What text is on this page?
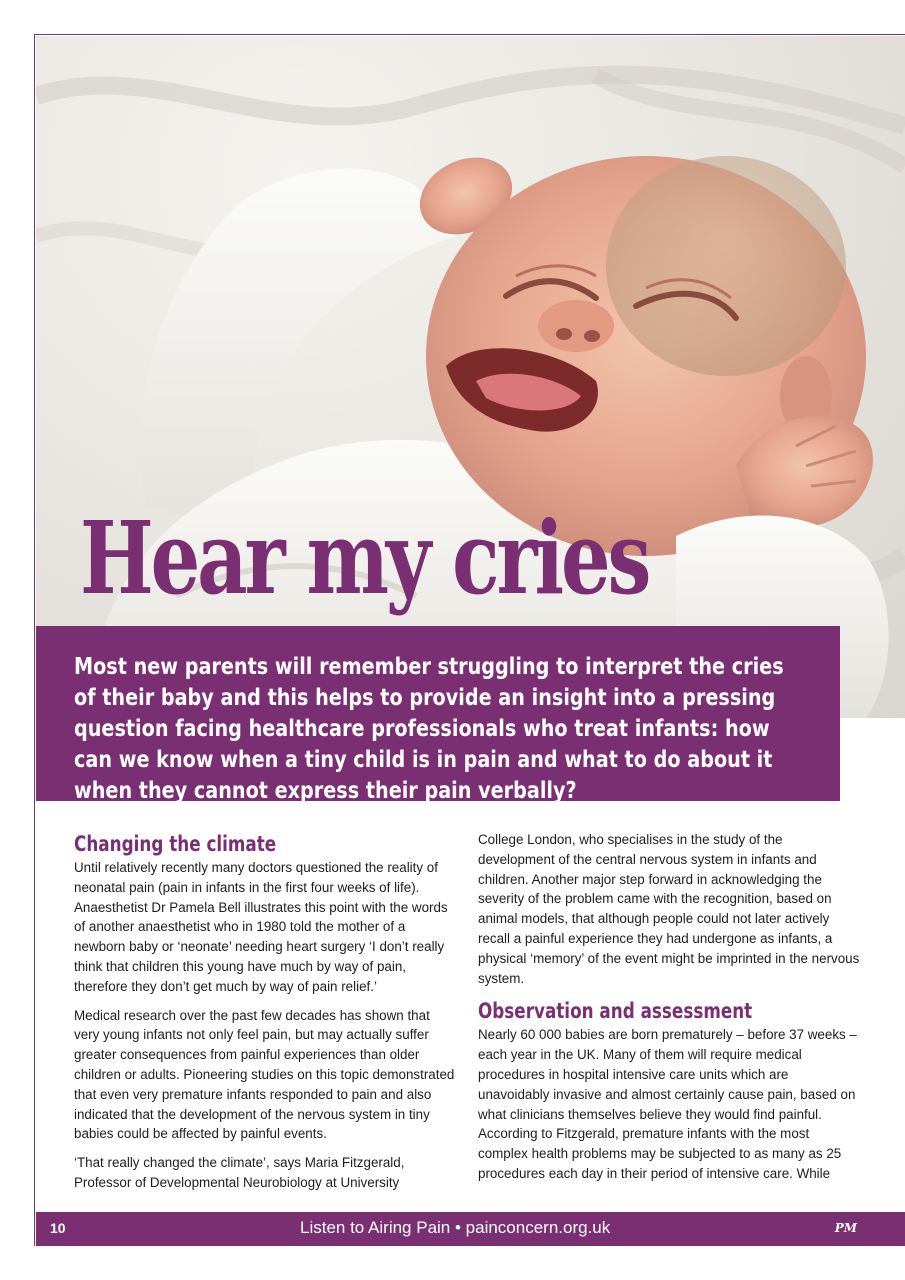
Hear my cries

Most new parents will remember struggling to interpret the cries of their baby and this helps to provide an insight into a pressing question facing healthcare professionals who treat infants: how can we know when a tiny child is in pain and what to do about it when they cannot express their pain verbally?

Changing the climate

Until relatively recently many doctors questioned the reality of neonatal pain (pain in infants in the first four weeks of life). Anaesthetist Dr Pamela Bell illustrates this point with the words of another anaesthetist who in 1980 told the mother of a newborn baby or ‘neonate’ needing heart surgery ‘I don’t really think that children this young have much by way of pain, therefore they don’t get much by way of pain relief.’

Medical research over the past few decades has shown that very young infants not only feel pain, but may actually suffer greater consequences from painful experiences than older children or adults. Pioneering studies on this topic demonstrated that even very premature infants responded to pain and also indicated that the development of the nervous system in tiny babies could be affected by painful events.

‘That really changed the climate’, says Maria Fitzgerald, Professor of Developmental Neurobiology at University

College London, who specialises in the study of the development of the central nervous system in infants and children. Another major step forward in acknowledging the severity of the problem came with the recognition, based on animal models, that although people could not later actively recall a painful experience they had undergone as infants, a physical ‘memory’ of the event might be imprinted in the nervous system.

Observation and assessment

Nearly 60 000 babies are born prematurely – before 37 weeks – each year in the UK. Many of them will require medical procedures in hospital intensive care units which are unavoidably invasive and almost certainly cause pain, based on what clinicians themselves believe they would find painful. According to Fitzgerald, premature infants with the most complex health problems may be subjected to as many as 25 procedures each day in their period of intensive care. While

10	Listen to Airing Pain • painconcern.org.uk	PM
